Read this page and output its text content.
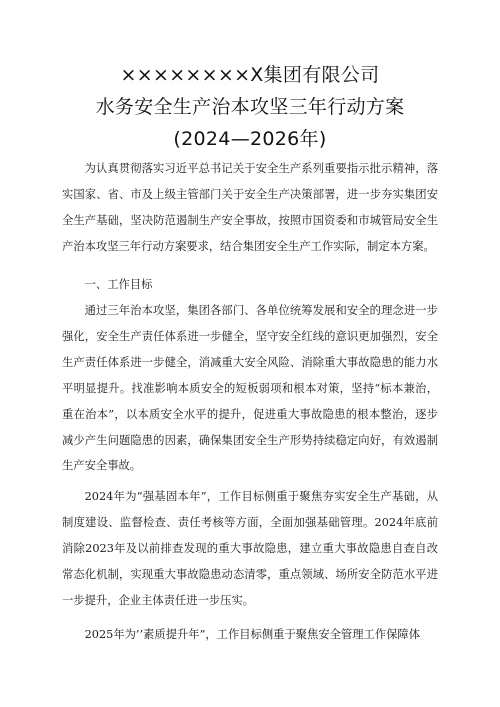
××××××××X集团有限公司
水务安全生产治本攻坚三年行动方案
(2024—2026年)

为认真贯彻落实习近平总书记关于安全生产系列重要指示批示精神，落实国家、省、市及上级主管部门关于安全生产决策部署，进一步夯实集团安全生产基础，坚决防范遏制生产安全事故，按照市国资委和市城管局安全生产治本攻坚三年行动方案要求，结合集团安全生产工作实际，制定本方案。

一、工作目标

通过三年治本攻坚，集团各部门、各单位统筹发展和安全的理念进一步强化，安全生产责任体系进一步健全，坚守安全红线的意识更加强烈，安全生产责任体系进一步健全，消减重大安全风险、消除重大事故隐患的能力水平明显提升。找准影响本质安全的短板弱项和根本对策，坚持“标本兼治，重在治本”，以本质安全水平的提升，促进重大事故隐患的根本整治，逐步减少产生问题隐患的因素，确保集团安全生产形势持续稳定向好，有效遏制生产安全事故。

2024年为“强基固本年”，工作目标侧重于聚焦夯实安全生产基础，从制度建设、监督检查、责任考核等方面，全面加强基础管理。2024年底前消除2023年及以前排查发现的重大事故隐患，建立重大事故隐患自查自改常态化机制，实现重大事故隐患动态清零，重点领域、场所安全防范水平进一步提升，企业主体责任进一步压实。

2025年为’’素质提升年”，工作目标侧重于聚焦安全管理工作保障体
